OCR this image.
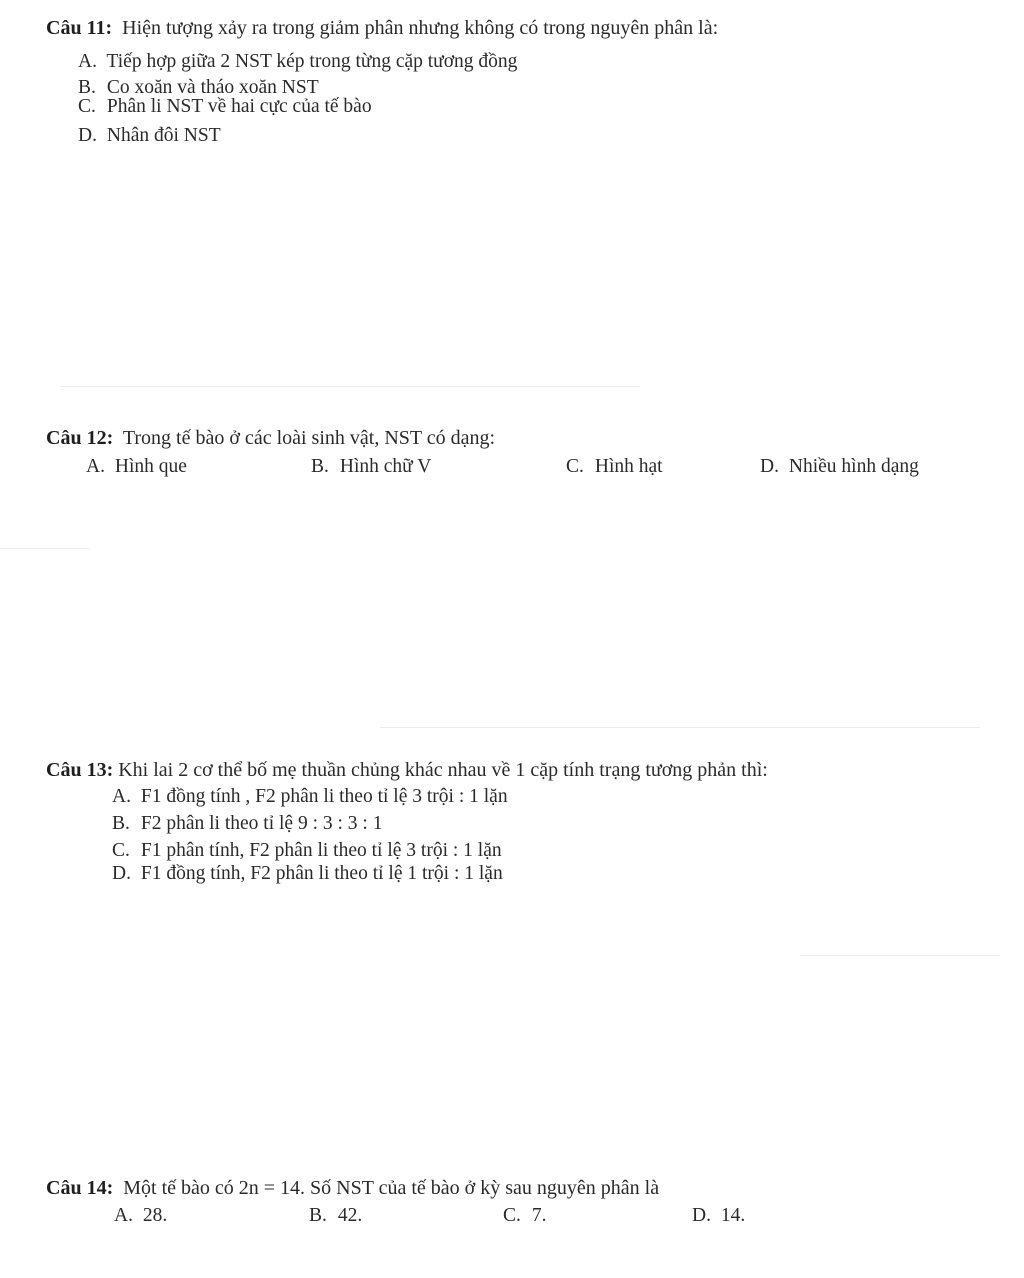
Câu 11: Hiện tượng xảy ra trong giảm phân nhưng không có trong nguyên phân là:
A. Tiếp hợp giữa 2 NST kép trong từng cặp tương đồng
B. Co xoăn và tháo xoăn NST
C. Phân li NST về hai cực của tế bào
D. Nhân đôi NST
Câu 12: Trong tế bào ở các loài sinh vật, NST có dạng:
A. Hình que	B. Hình chữ V	C. Hình hạt	D. Nhiều hình dạng
Câu 13: Khi lai 2 cơ thể bố mẹ thuần chủng khác nhau về 1 cặp tính trạng tương phản thì:
A. F1 đồng tính , F2 phân li theo tỉ lệ 3 trội : 1 lặn
B. F2 phân li theo tỉ lệ 9 : 3 : 3 : 1
C. F1 phân tính, F2 phân li theo tỉ lệ 3 trội : 1 lặn
D. F1 đồng tính, F2 phân li theo tỉ lệ 1 trội : 1 lặn
Câu 14: Một tế bào có 2n = 14. Số NST của tế bào ở kỳ sau nguyên phân là
A. 28.	B. 42.	C. 7.	D. 14.
